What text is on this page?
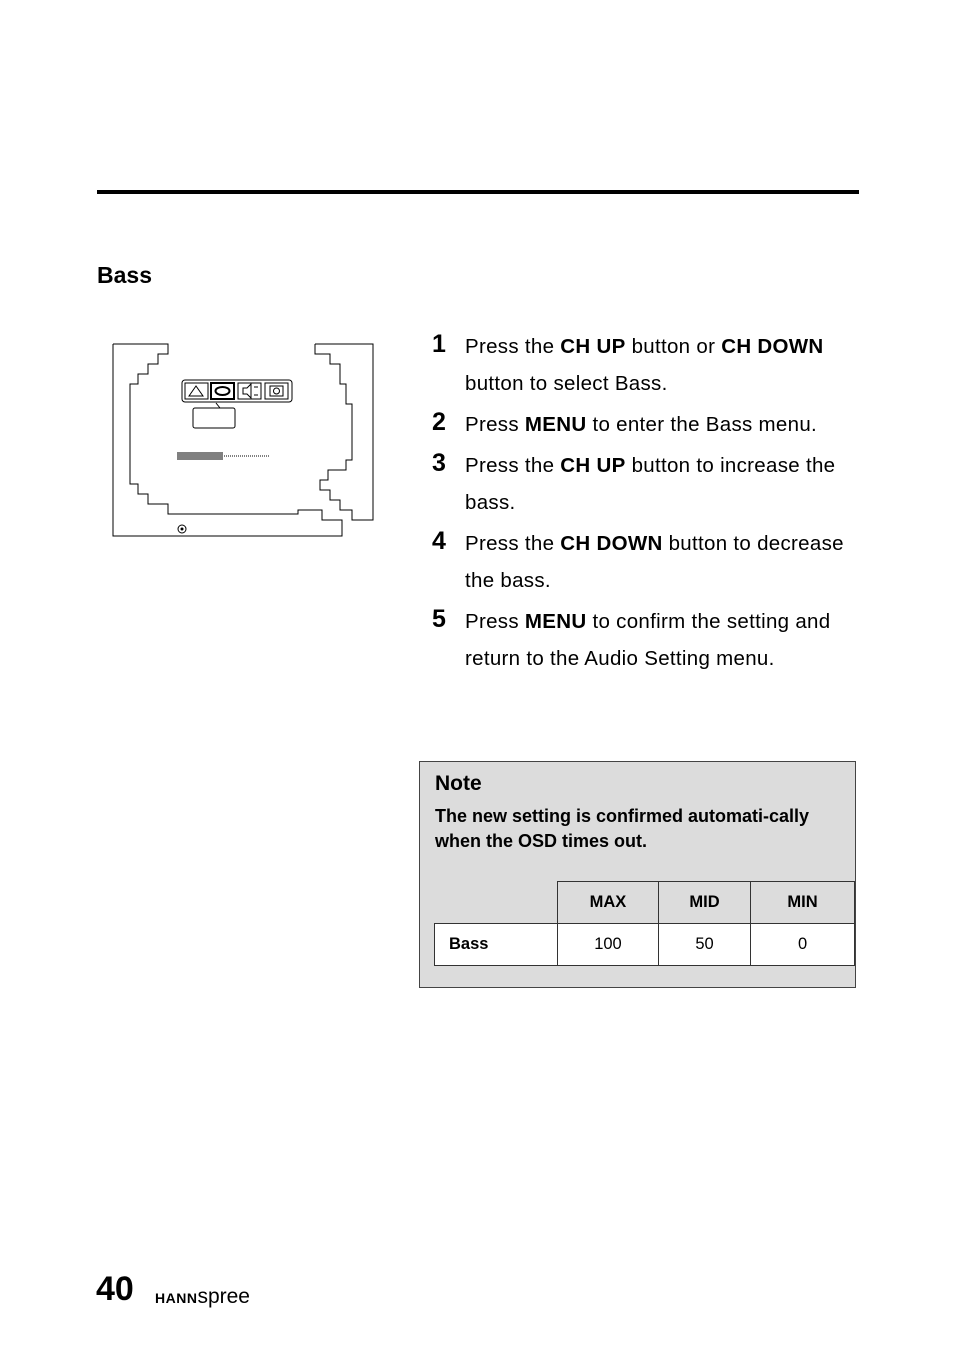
Bass
1 Press the CH UP button or CH DOWN button to select Bass.
2 Press MENU to enter the Bass menu.
3 Press the CH UP button to increase the bass.
4 Press the CH DOWN button to decrease the bass.
5 Press MENU to confirm the setting and return to the Audio Setting menu.
Note
The new setting is confirmed automati-cally when the OSD times out.
	MAX	MID	MIN
Bass	100	50	0
40 HANNspree
